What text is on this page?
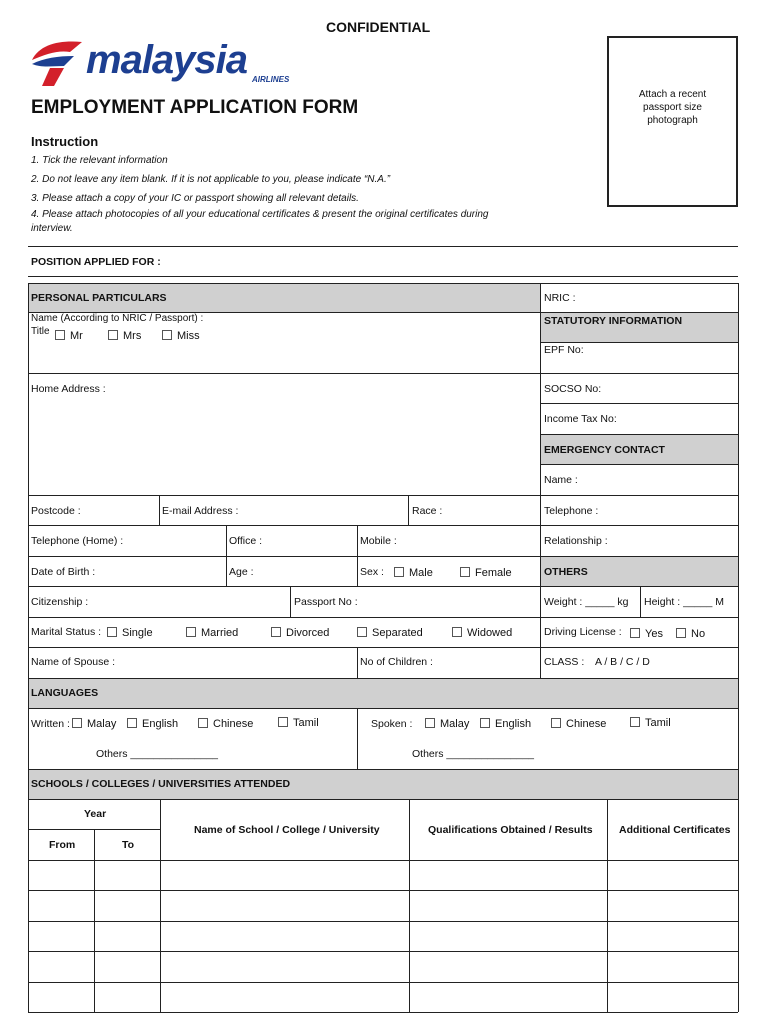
CONFIDENTIAL
malaysia AIRLINES
EMPLOYMENT APPLICATION FORM
Attach a recent passport size photograph
Instruction
1. Tick the relevant information
2. Do not leave any item blank. If it is not applicable to you, please indicate “N.A.”
3. Please attach a copy of your IC or passport showing all relevant details.
4. Please attach photocopies of all your educational certificates & present the original certificates during
interview.
POSITION APPLIED FOR :
PERSONAL PARTICULARS
Name (According to NRIC / Passport) :
Title	Mr	Mrs	Miss
Home Address :
Postcode :	E-mail Address :	Race :
Telephone (Home) :	Office :	Mobile :
Date of Birth :	Age :	Sex :	Male	Female
Citizenship :	Passport No :
Marital Status :	Single	Married	Divorced	Separated	Widowed
Name of Spouse :	No of Children :
NRIC :
STATUTORY INFORMATION
EPF No:
SOCSO No:
Income Tax No:
EMERGENCY CONTACT
Name :
Telephone :
Relationship :
OTHERS
Weight : _____ kg Height : _____ M
Driving License :	Yes	No
CLASS : A / B / C / D
LANGUAGES
Written :	Malay	English	Chinese	Tamil
Others _______________
Spoken :	Malay	English	Chinese	Tamil
Others _______________
SCHOOLS / COLLEGES / UNIVERSITIES ATTENDED
Year
From	To
Name of School / College / University	Qualifications Obtained / Results	Additional Certificates
